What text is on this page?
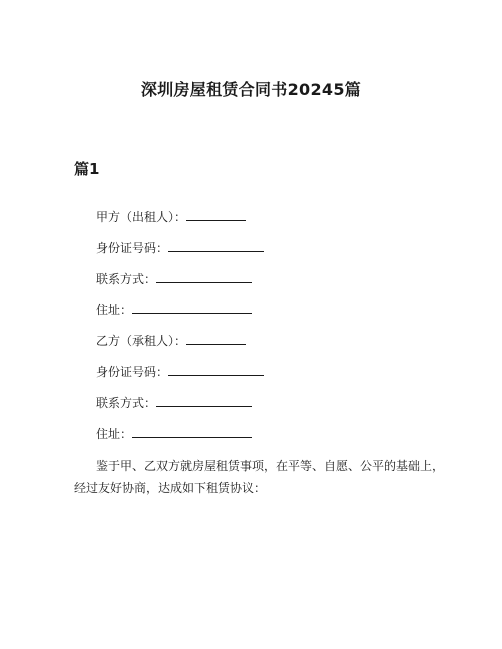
深圳房屋租赁合同书20245篇
篇1
甲方（出租人）：
身份证号码：
联系方式：
住址：
乙方（承租人）：
身份证号码：
联系方式：
住址：
鉴于甲、乙双方就房屋租赁事项，在平等、自愿、公平的基础上，经过友好协商，达成如下租赁协议：
